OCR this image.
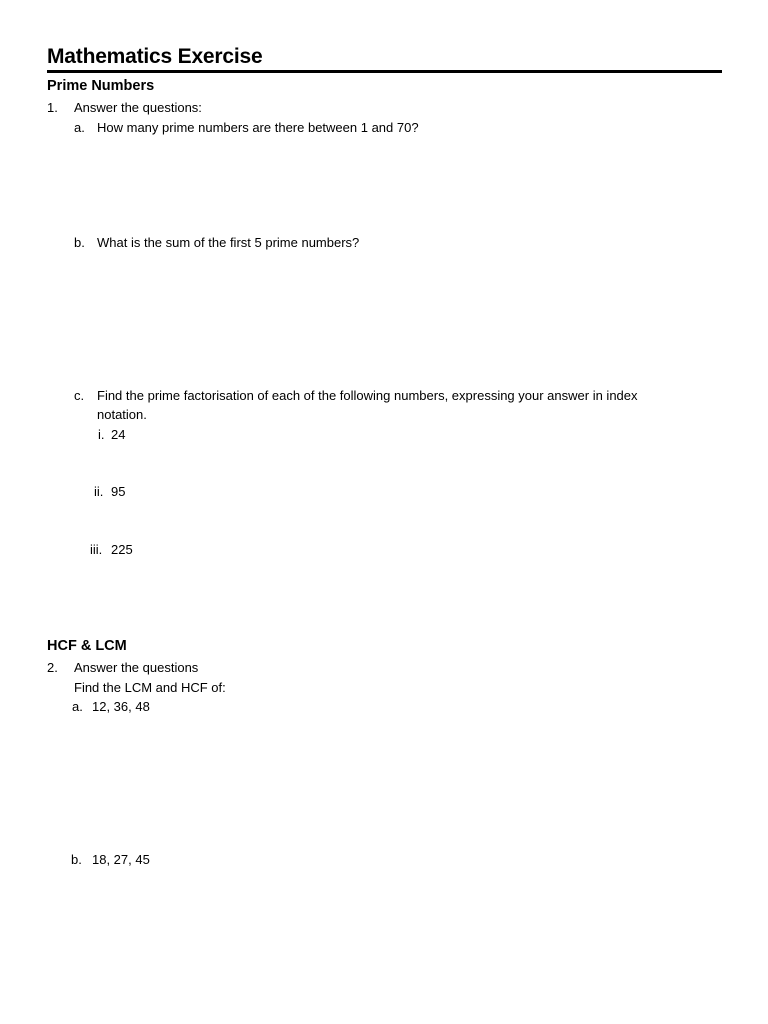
Mathematics Exercise
Prime Numbers
1. Answer the questions:
a. How many prime numbers are there between 1 and 70?
b. What is the sum of the first 5 prime numbers?
c. Find the prime factorisation of each of the following numbers, expressing your answer in index
notation.
i. 24
ii. 95
iii. 225
HCF & LCM
2. Answer the questions
Find the LCM and HCF of:
a. 12, 36, 48
b. 18, 27, 45
